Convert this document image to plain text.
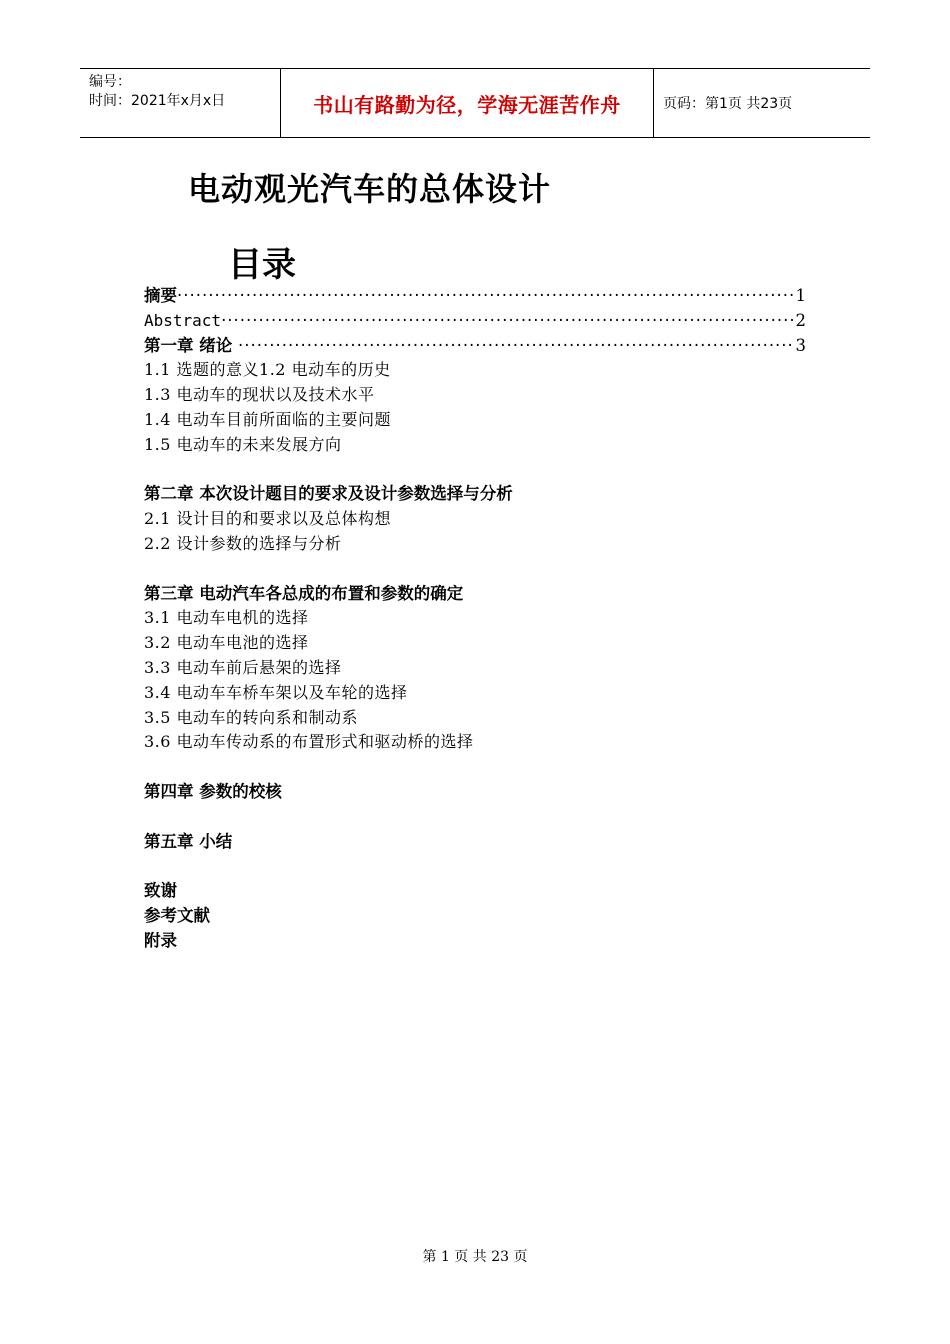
编号：
时间：2021年x月x日	书山有路勤为径，学海无涯苦作舟	页码：第1页 共23页
电动观光汽车的总体设计
目录
摘要 ·····	1
Abstract ·····	2
第一章 绪论 ·····	3
1.1 选题的意义1.2 电动车的历史
1.3 电动车的现状以及技术水平
1.4 电动车目前所面临的主要问题
1.5 电动车的未来发展方向
第二章 本次设计题目的要求及设计参数选择与分析
2.1 设计目的和要求以及总体构想
2.2 设计参数的选择与分析
第三章 电动汽车各总成的布置和参数的确定
3.1 电动车电机的选择
3.2 电动车电池的选择
3.3 电动车前后悬架的选择
3.4 电动车车桥车架以及车轮的选择
3.5 电动车的转向系和制动系
3.6 电动车传动系的布置形式和驱动桥的选择
第四章 参数的校核
第五章 小结
致谢
参考文献
附录
第 1 页 共 23 页
